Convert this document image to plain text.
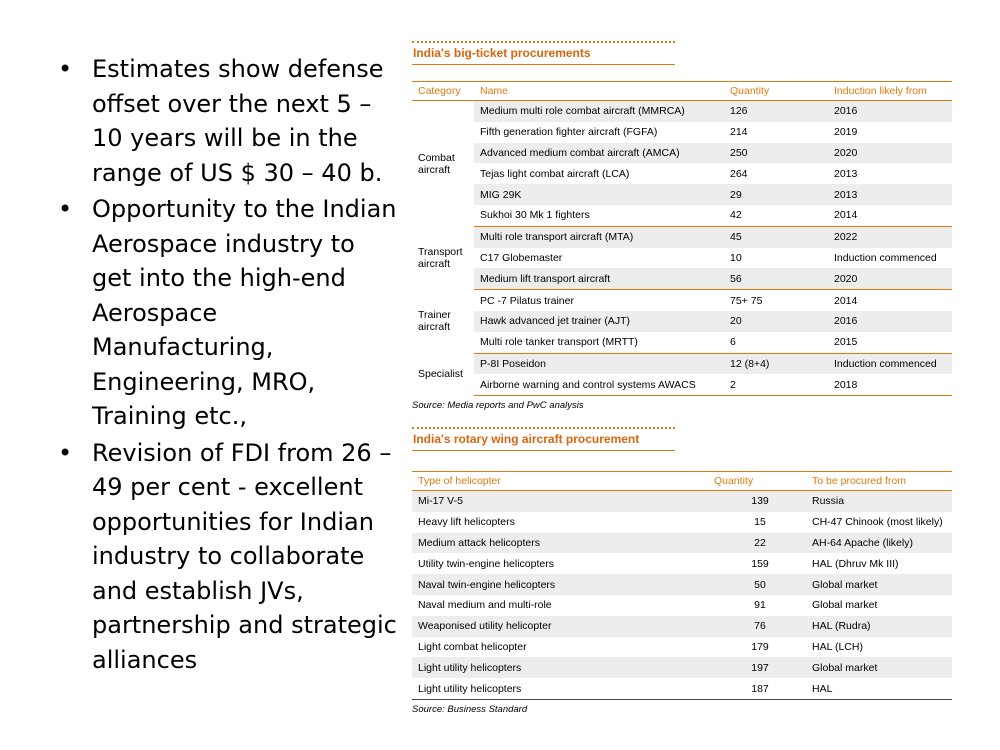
• Estimates show defense offset over the next 5 – 10 years will be in the range of US $ 30 – 40 b.
• Opportunity to the Indian Aerospace industry to get into the high-end Aerospace Manufacturing, Engineering, MRO, Training etc.,
• Revision of FDI from 26 – 49 per cent - excellent opportunities for Indian industry to collaborate and establish JVs, partnership and strategic alliances
India's big-ticket procurements
Category	Name	Quantity	Induction likely from
Combat aircraft	Medium multi role combat aircraft (MMRCA)	126	2016
	Fifth generation fighter aircraft (FGFA)	214	2019
	Advanced medium combat aircraft (AMCA)	250	2020
	Tejas light combat aircraft (LCA)	264	2013
	MIG 29K	29	2013
	Sukhoi 30 Mk 1 fighters	42	2014
Transport aircraft	Multi role transport aircraft (MTA)	45	2022
	C17 Globemaster	10	Induction commenced
	Medium lift transport aircraft	56	2020
Trainer aircraft	PC -7 Pilatus trainer	75+ 75	2014
	Hawk advanced jet trainer (AJT)	20	2016
	Multi role tanker transport (MRTT)	6	2015
Specialist	P-8I Poseidon	12 (8+4)	Induction commenced
	Airborne warning and control systems AWACS	2	2018
Source: Media reports and PwC analysis
India's rotary wing aircraft procurement
Type of helicopter	Quantity	To be procured from
Mi-17 V-5	139	Russia
Heavy lift helicopters	15	CH-47 Chinook (most likely)
Medium attack helicopters	22	AH-64 Apache (likely)
Utility twin-engine helicopters	159	HAL (Dhruv Mk III)
Naval twin-engine helicopters	50	Global market
Naval medium and multi-role	91	Global market
Weaponised utility helicopter	76	HAL (Rudra)
Light combat helicopter	179	HAL (LCH)
Light utility helicopters	197	Global market
Light utility helicopters	187	HAL
Source: Business Standard
